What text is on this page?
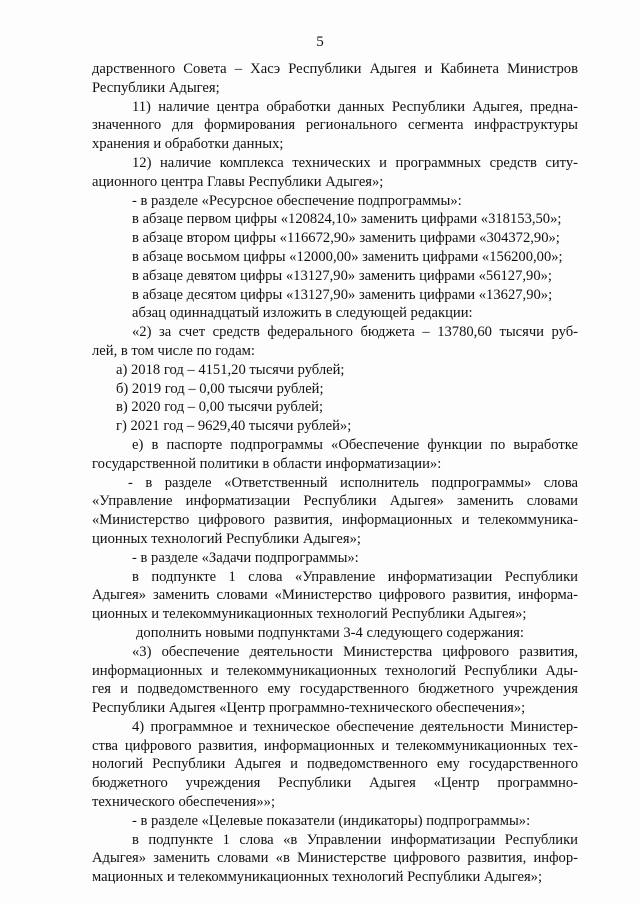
5
дарственного Совета – Хасэ Республики Адыгея и Кабинета Министров
Республики Адыгея;
11) наличие центра обработки данных Республики Адыгея, предна-
значенного для формирования регионального сегмента инфраструктуры
хранения и обработки данных;
12) наличие комплекса технических и программных средств ситу-
ационного центра Главы Республики Адыгея»;
- в разделе «Ресурсное обеспечение подпрограммы»:
в абзаце первом цифры «120824,10» заменить цифрами «318153,50»;
в абзаце втором цифры «116672,90» заменить цифрами «304372,90»;
в абзаце восьмом цифры «12000,00» заменить цифрами «156200,00»;
в абзаце девятом цифры «13127,90» заменить цифрами «56127,90»;
в абзаце десятом цифры «13127,90» заменить цифрами «13627,90»;
абзац одиннадцатый изложить в следующей редакции:
«2) за счет средств федерального бюджета – 13780,60 тысячи руб-
лей, в том числе по годам:
а) 2018 год – 4151,20 тысячи рублей;
б) 2019 год – 0,00 тысячи рублей;
в) 2020 год – 0,00 тысячи рублей;
г) 2021 год – 9629,40 тысячи рублей»;
е) в паспорте подпрограммы «Обеспечение функции по выработке
государственной политики в области информатизации»:
- в разделе «Ответственный исполнитель подпрограммы» слова
«Управление информатизации Республики Адыгея» заменить словами
«Министерство цифрового развития, информационных и телекоммуника-
ционных технологий Республики Адыгея»;
- в разделе «Задачи подпрограммы»:
в подпункте 1 слова «Управление информатизации Республики
Адыгея» заменить словами «Министерство цифрового развития, информа-
ционных и телекоммуникационных технологий Республики Адыгея»;
дополнить новыми подпунктами 3-4 следующего содержания:
«3) обеспечение деятельности Министерства цифрового развития,
информационных и телекоммуникационных технологий Республики Ады-
гея и подведомственного ему государственного бюджетного учреждения
Республики Адыгея «Центр программно-технического обеспечения»;
4) программное и техническое обеспечение деятельности Министер-
ства цифрового развития, информационных и телекоммуникационных тех-
нологий Республики Адыгея и подведомственного ему государственного
бюджетного учреждения Республики Адыгея «Центр программно-
технического обеспечения»»;
- в разделе «Целевые показатели (индикаторы) подпрограммы»:
в подпункте 1 слова «в Управлении информатизации Республики
Адыгея» заменить словами «в Министерстве цифрового развития, инфор-
мационных и телекоммуникационных технологий Республики Адыгея»;
